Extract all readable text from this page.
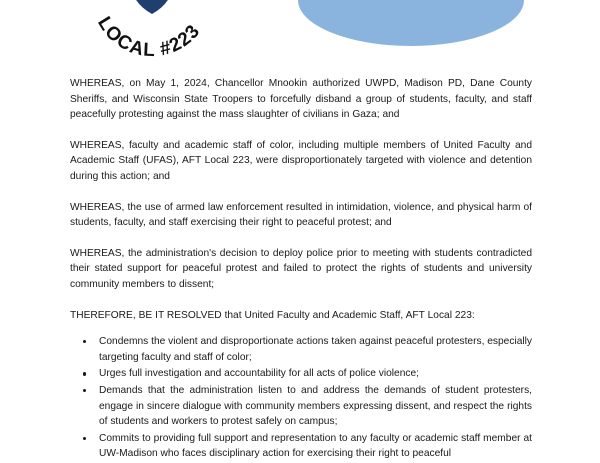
LOCAL #223

WHEREAS, on May 1, 2024, Chancellor Mnookin authorized UWPD, Madison PD, Dane County Sheriffs, and Wisconsin State Troopers to forcefully disband a group of students, faculty, and staff peacefully protesting against the mass slaughter of civilians in Gaza; and

WHEREAS, faculty and academic staff of color, including multiple members of United Faculty and Academic Staff (UFAS), AFT Local 223, were disproportionately targeted with violence and detention during this action; and

WHEREAS, the use of armed law enforcement resulted in intimidation, violence, and physical harm of students, faculty, and staff exercising their right to peaceful protest; and

WHEREAS, the administration's decision to deploy police prior to meeting with students contradicted their stated support for peaceful protest and failed to protect the rights of students and university community members to dissent;

THEREFORE, BE IT RESOLVED that United Faculty and Academic Staff, AFT Local 223:

Condemns the violent and disproportionate actions taken against peaceful protesters, especially targeting faculty and staff of color;
Urges full investigation and accountability for all acts of police violence;
Demands that the administration listen to and address the demands of student protesters, engage in sincere dialogue with community members expressing dissent, and respect the rights of students and workers to protest safely on campus;
Commits to providing full support and representation to any faculty or academic staff member at UW-Madison who faces disciplinary action for exercising their right to peaceful
